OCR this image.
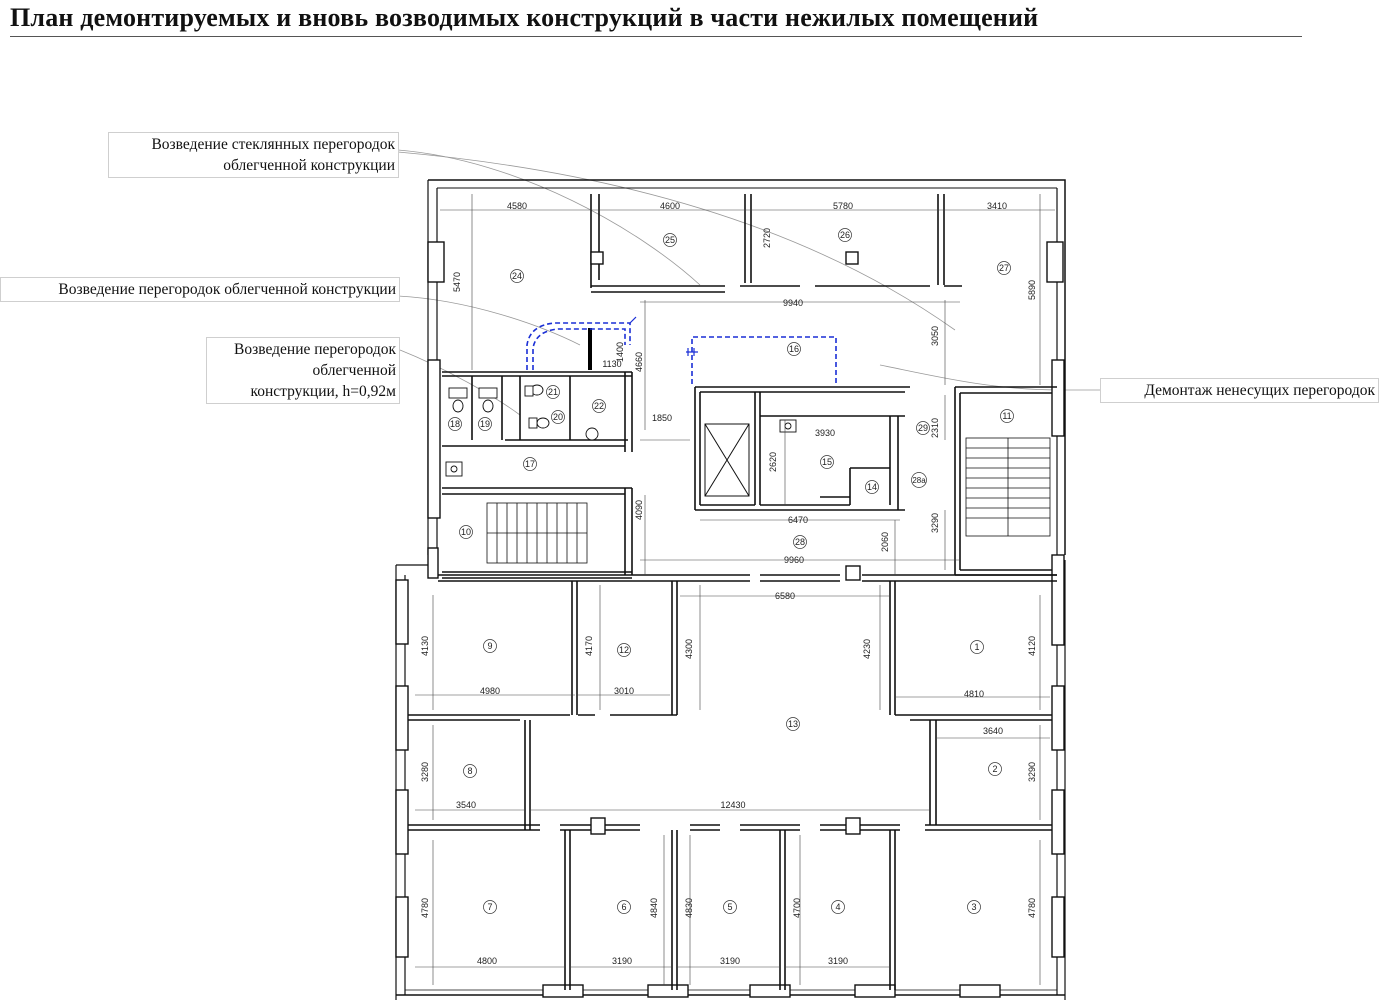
План демонтируемых и вновь возводимых конструкций в части нежилых помещений
4580	4600	5780	3410
2720
5470	5890
9940
3050
1400
1130 4660
1850
3930	2310
2620
4090	6470	3290
2060
9960
6580
4130	4170	4300	4230	4120
4980	3010	4810
3640
3280	3290
3540	12430
4780	4840	4830	4700	4780
4800	3190	3190	3190
1
2
3
4
5
6
7
8
9
10
11
12
13
14
15
16
17
18 19
20
21
22
24
25	26
27
28
28а
29
Возведение стеклянных перегородок
облегченной конструкции
Возведение перегородок облегченной конструкции
Возведение перегородок
облегченной
конструкции, h=0,92м	Демонтаж ненесущих перегородок
